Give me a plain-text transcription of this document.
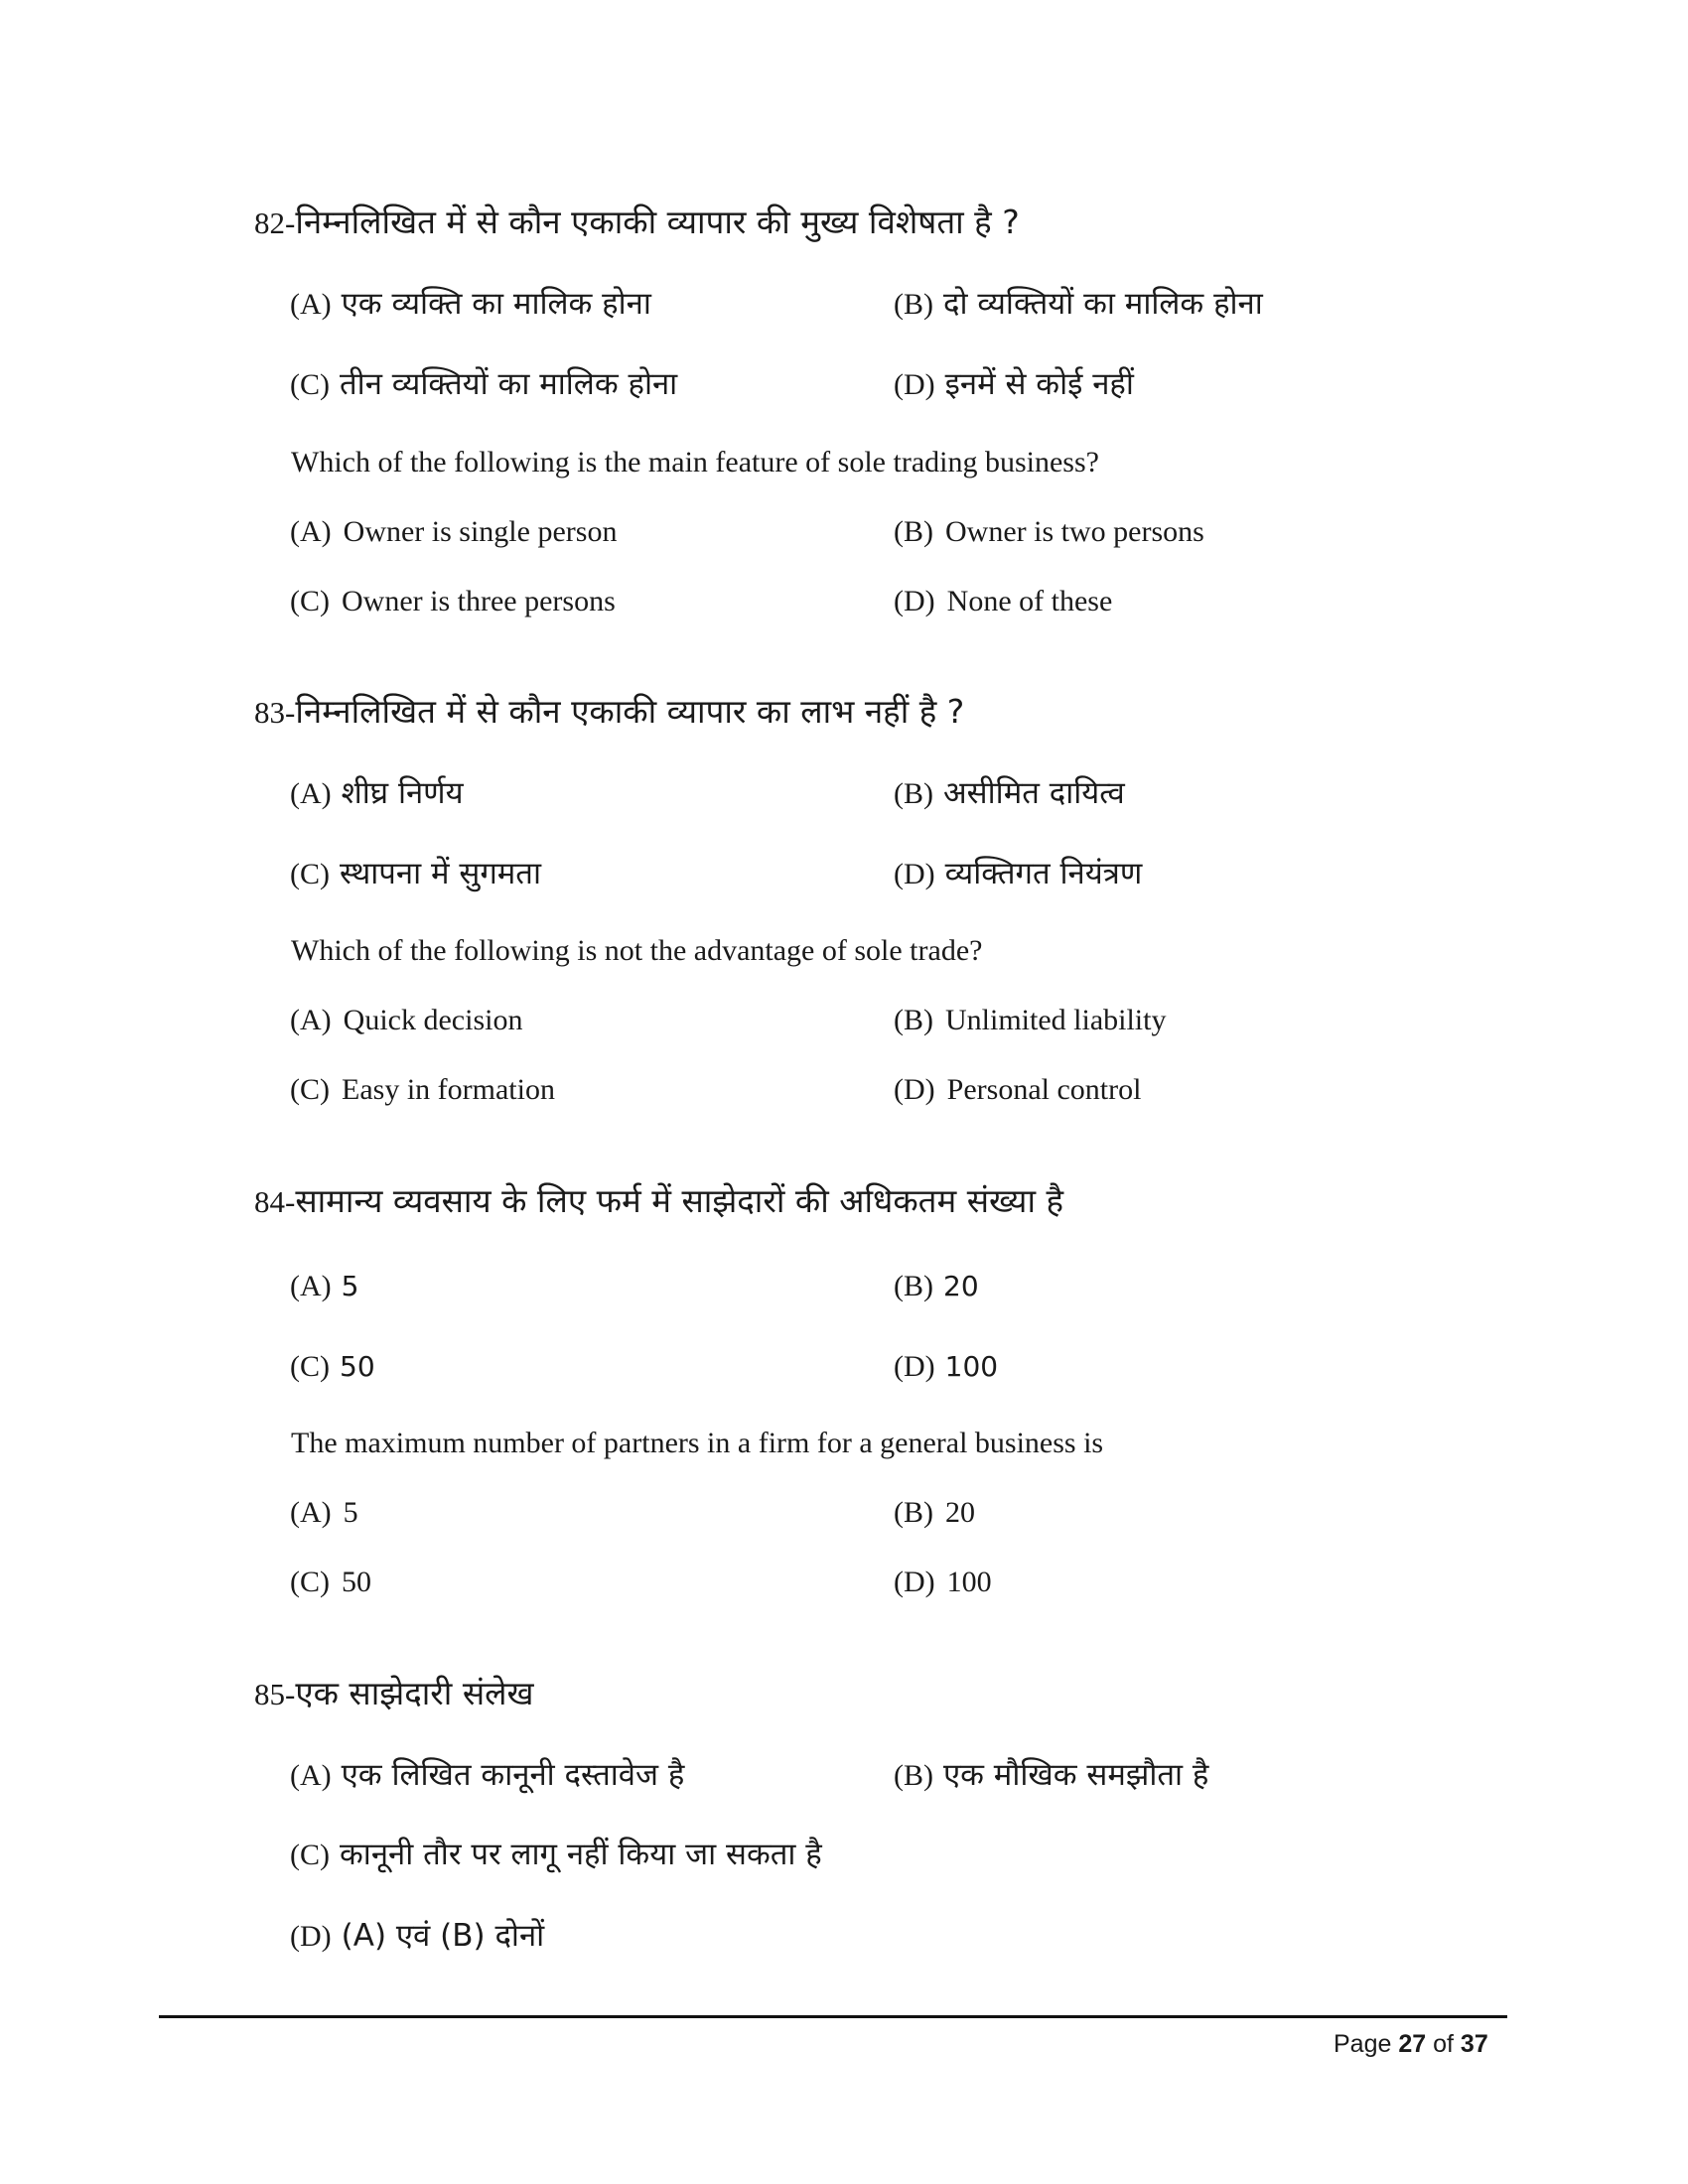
82-निम्नलिखित में से कौन एकाकी व्यापार की मुख्य विशेषता है ?
(A) एक व्यक्ति का मालिक होना	(B) दो व्यक्तियों का मालिक होना
(C) तीन व्यक्तियों का मालिक होना	(D) इनमें से कोई नहीं
Which of the following is the main feature of sole trading business?
(A) Owner is single person	(B) Owner is two persons
(C) Owner is three persons	(D) None of these
83-निम्नलिखित में से कौन एकाकी व्यापार का लाभ नहीं है ?
(A) शीघ्र निर्णय	(B) असीमित दायित्व
(C) स्थापना में सुगमता	(D) व्यक्तिगत नियंत्रण
Which of the following is not the advantage of sole trade?
(A) Quick decision	(B) Unlimited liability
(C) Easy in formation	(D) Personal control
84-सामान्य व्यवसाय के लिए फर्म में साझेदारों की अधिकतम संख्या है
(A) 5	(B) 20
(C) 50	(D) 100
The maximum number of partners in a firm for a general business is
(A) 5	(B) 20
(C) 50	(D) 100
85-एक साझेदारी संलेख
(A) एक लिखित कानूनी दस्तावेज है	(B) एक मौखिक समझौता है
(C) कानूनी तौर पर लागू नहीं किया जा सकता है
(D) (A) एवं (B) दोनों
Page 27 of 37
